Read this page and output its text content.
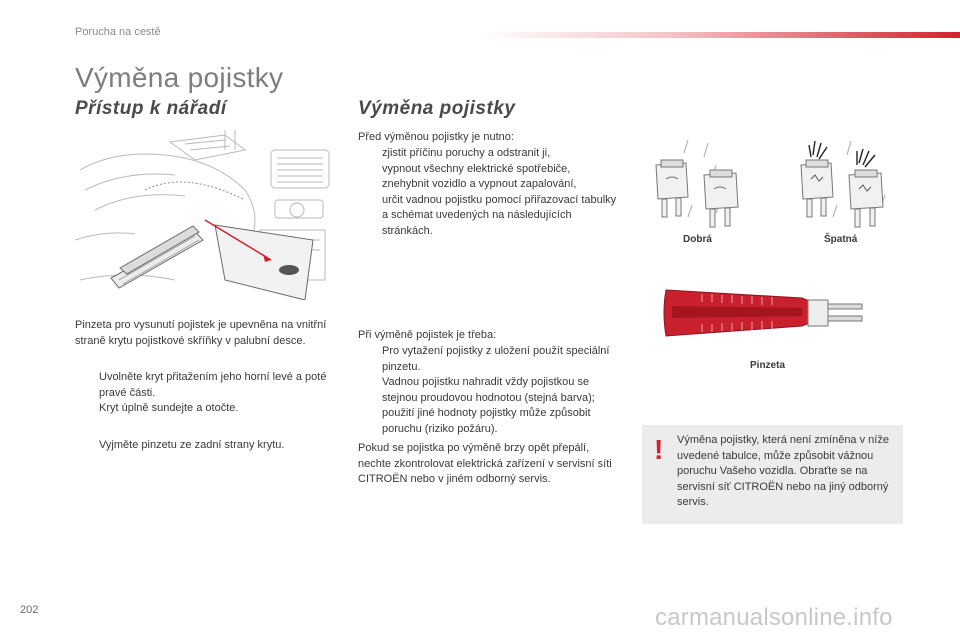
Porucha na cestě
Výměna pojistky
Přístup k nářadí

Pinzeta pro vysunutí pojistek je upevněna na vnitřní straně krytu pojistkové skříňky v palubní desce.

Uvolněte kryt přitažením jeho horní levé a poté pravé části.
Kryt úplně sundejte a otočte.
Vyjměte pinzetu ze zadní strany krytu.
Výměna pojistky

Před výměnou pojistky je nutno:

zjistit příčinu poruchy a odstranit ji,
vypnout všechny elektrické spotřebiče,
znehybnit vozidlo a vypnout zapalování,
určit vadnou pojistku pomocí přiřazovací tabulky a schémat uvedených na následujících stránkách.

Při výměně pojistek je třeba:

Pro vytažení pojistky z uložení použít speciální pinzetu.
Vadnou pojistku nahradit vždy pojistkou se stejnou proudovou hodnotou (stejná barva); použití jiné hodnoty pojistky může způsobit poruchu (riziko požáru).

Pokud se pojistka po výměně brzy opět přepálí, nechte zkontrolovat elektrická zařízení v servisní síti CITROËN nebo v jiném odborný servis.

Dobrá	Špatná
Pinzeta
! Výměna pojistky, která není zmíněna v níže uvedené tabulce, může způsobit vážnou poruchu Vašeho vozidla. Obraťte se na servisní síť CITROËN nebo na jiný odborný servis.

202	carmanualsonline.info
